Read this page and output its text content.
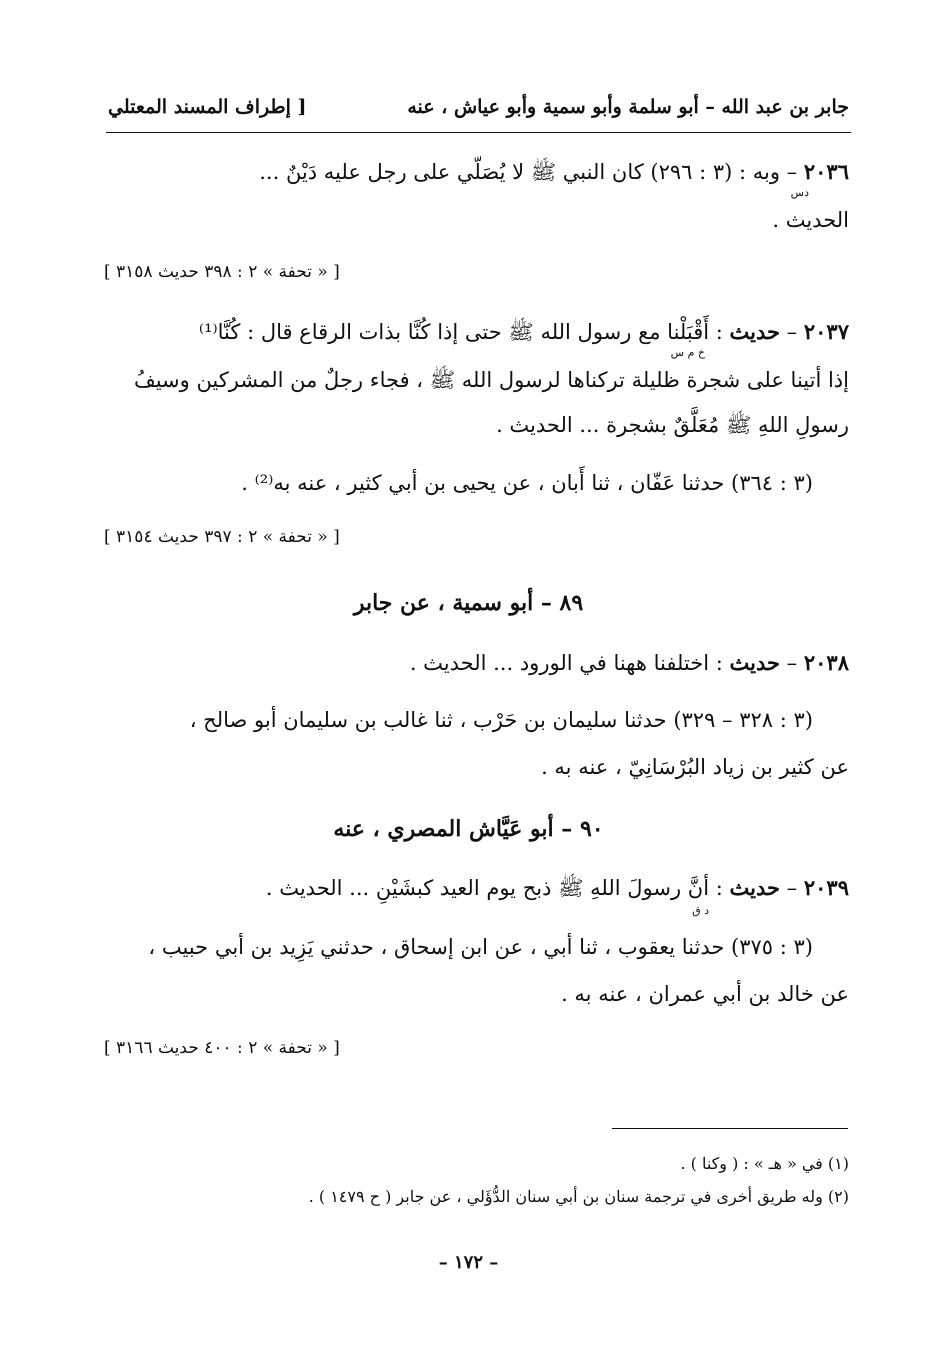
جابر بن عبد الله – أبو سلمة وأبو سمية وأبو عياش ، عنه
[ إطراف المسند المعتلي
٢٠٣٦ – وبه : (٣ : ٢٩٦) كان النبي ﷺ لا يُصَلّي على رجل عليه دَيْنٌ ...
دس
الحديث .
[ « تحفة » ٢ : ٣٩٨ حديث ٣١٥٨ ]
٢٠٣٧ – حديث : أَقْبَلْنا مع رسول الله ﷺ حتى إذا كُنَّا بذات الرقاع قال : كُنَّا⁽¹⁾
خ م س
إذا أتينا على شجرة ظليلة تركناها لرسول الله ﷺ ، فجاء رجلٌ من المشركين وسيفُ
رسولِ اللهِ ﷺ مُعَلَّقٌ بشجرة ... الحديث .
(٣ : ٣٦٤) حدثنا عَفّان ، ثنا أَبان ، عن يحيى بن أبي كثير ، عنه به⁽²⁾ .
[ « تحفة » ٢ : ٣٩٧ حديث ٣١٥٤ ]
٨٩ – أبو سمية ، عن جابر
٢٠٣٨ – حديث : اختلفنا ههنا في الورود ... الحديث .
(٣ : ٣٢٨ – ٣٢٩) حدثنا سليمان بن حَرْب ، ثنا غالب بن سليمان أبو صالح ،
عن كثير بن زياد البُرْسَانِيّ ، عنه به .
٩٠ – أبو عَيَّاش المصري ، عنه
٢٠٣٩ – حديث : أنَّ رسولَ اللهِ ﷺ ذبح يوم العيد كبشَيْنِ ... الحديث .
د ق
(٣ : ٣٧٥) حدثنا يعقوب ، ثنا أبي ، عن ابن إسحاق ، حدثني يَزِيد بن أبي حبيب ،
عن خالد بن أبي عمران ، عنه به .
[ « تحفة » ٢ : ٤٠٠ حديث ٣١٦٦ ]
(١) في « هـ » : ( وكنا ) .
(٢) وله طريق أخرى في ترجمة سنان بن أبي سنان الدُّؤَلي ، عن جابر ( ح ١٤٧٩ ) .
– ١٧٢ –
